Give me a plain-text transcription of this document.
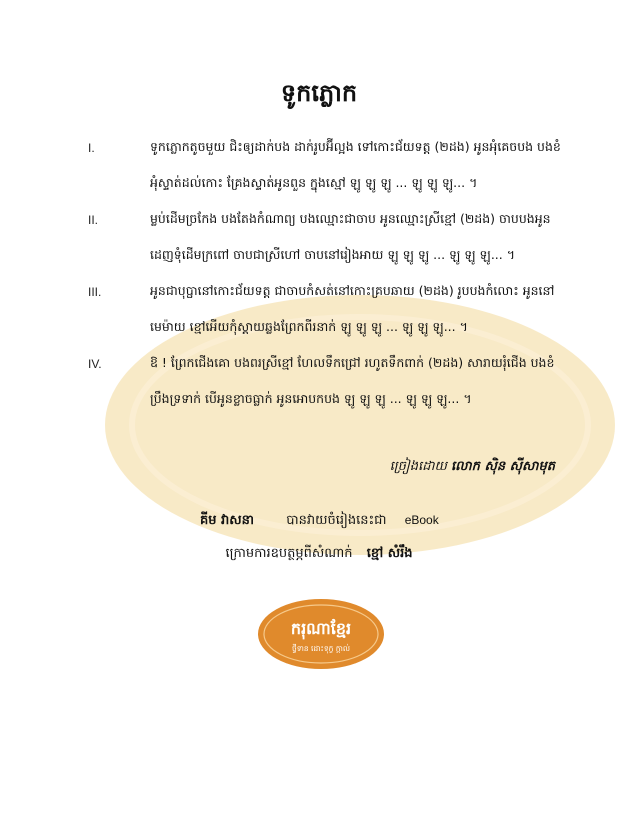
ទូកភ្លោក
I.	ទូកភ្លោកតូចមួយ ជិះឲ្យដាក់បង ដាក់រូបអ៊ីល្អង ទៅកោះជ័យទត្ត (២ដង) អូនអុំគេចបង បងខំ
អុំស្ទាត់ដល់កោះ គ្រែងស្ទាត់អូនពួន ក្នុងស្មៅ ឡូ ឡូ ឡូ ... ឡូ ឡូ ឡូ... ។
II.	ម្លប់ដើមច្រកែង បងតែងកំណាព្យ បងឈ្មោះជាចាប អូនឈ្មោះស្រីខ្មៅ (២ដង) ចាបបងអូន
ដេញទុំដើមក្រពៅ ចាបជាស្រីហៅ ចាបនៅរៀងអាយ ឡូ ឡូ ឡូ ... ឡូ ឡូ ឡូ... ។
III.	អូនជាបុប្ផានៅកោះជ័យទត្ត ជាចាបកំសត់នៅកោះគ្របឆាយ (២ដង) រូបបងកំលោះ អូននៅ
មេម៉ាយ ខ្មៅអើយកុំស្ដាយឆ្លងព្រែកពីរនាក់ ឡូ ឡូ ឡូ ... ឡូ ឡូ ឡូ... ។
IV.	ឱ ! ព្រែកជើងគោ បងពរស្រីខ្មៅ ហែលទឹកជ្រៅ រហូតទឹកពាក់ (២ដង) សារាយរុំជើង បងខំ
ប្រឹងទ្រទាក់ បើអូនខ្លាចធ្លាក់ អូនអោបកបង ឡូ ឡូ ឡូ ... ឡូ ឡូ ឡូ... ។
ច្រៀងដោយ លោក ស៊ិន ស៊ីសាមុត
គីម វាសនា បានវាយចំរៀងនេះជា eBook
ក្រោមការឧបត្ថម្ភពីសំណាក់ ខ្មៅ សំរឹង
ករុណាខ្មែរ
ថ្វីទាន ដោះទុក្ខ ក្ដាល់
